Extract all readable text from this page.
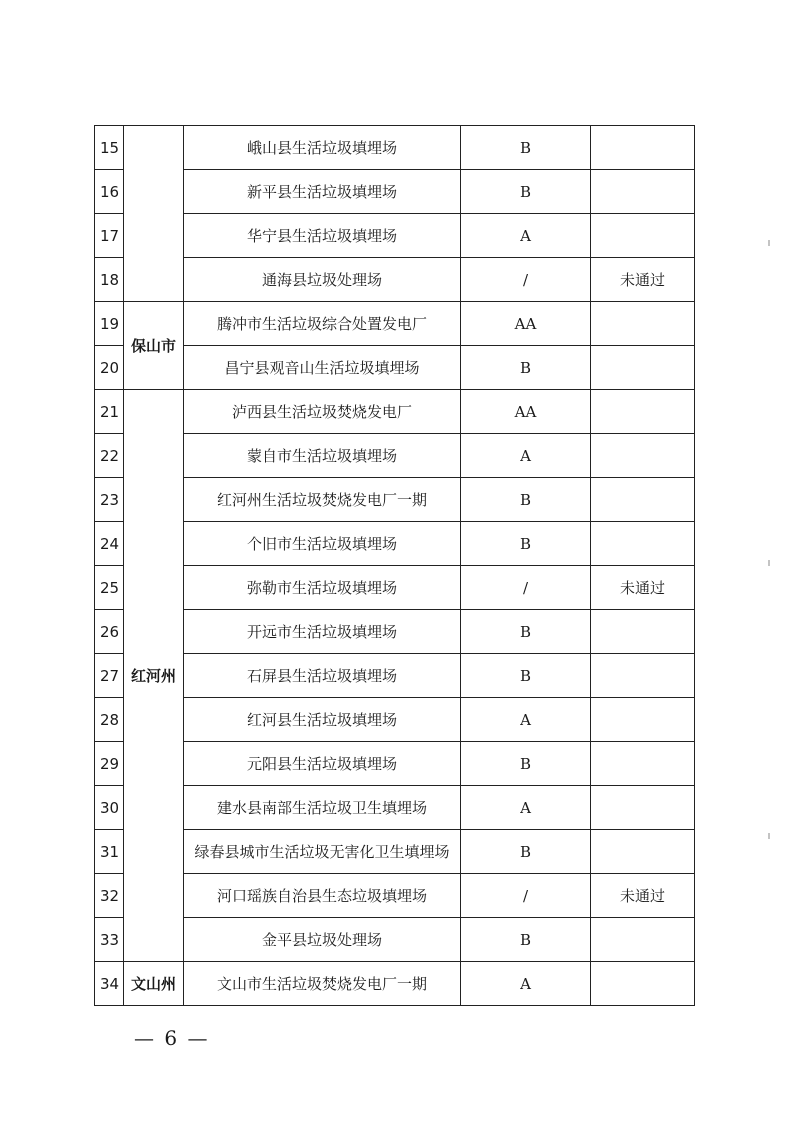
15		峨山县生活垃圾填埋场	B	
16		新平县生活垃圾填埋场	B	
17		华宁县生活垃圾填埋场	A	
18		通海县垃圾处理场	/	未通过
19	保山市	腾冲市生活垃圾综合处置发电厂	AA	
20		昌宁县观音山生活垃圾填埋场	B	
21	红河州	泸西县生活垃圾焚烧发电厂	AA	
22		蒙自市生活垃圾填埋场	A	
23		红河州生活垃圾焚烧发电厂一期	B	
24		个旧市生活垃圾填埋场	B	
25		弥勒市生活垃圾填埋场	/	未通过
26		开远市生活垃圾填埋场	B	
27		石屏县生活垃圾填埋场	B	
28		红河县生活垃圾填埋场	A	
29		元阳县生活垃圾填埋场	B	
30		建水县南部生活垃圾卫生填埋场	A	
31		绿春县城市生活垃圾无害化卫生填埋场	B	
32		河口瑶族自治县生态垃圾填埋场	/	未通过
33		金平县垃圾处理场	B	
34	文山州	文山市生活垃圾焚烧发电厂一期	A	
— 6 —
